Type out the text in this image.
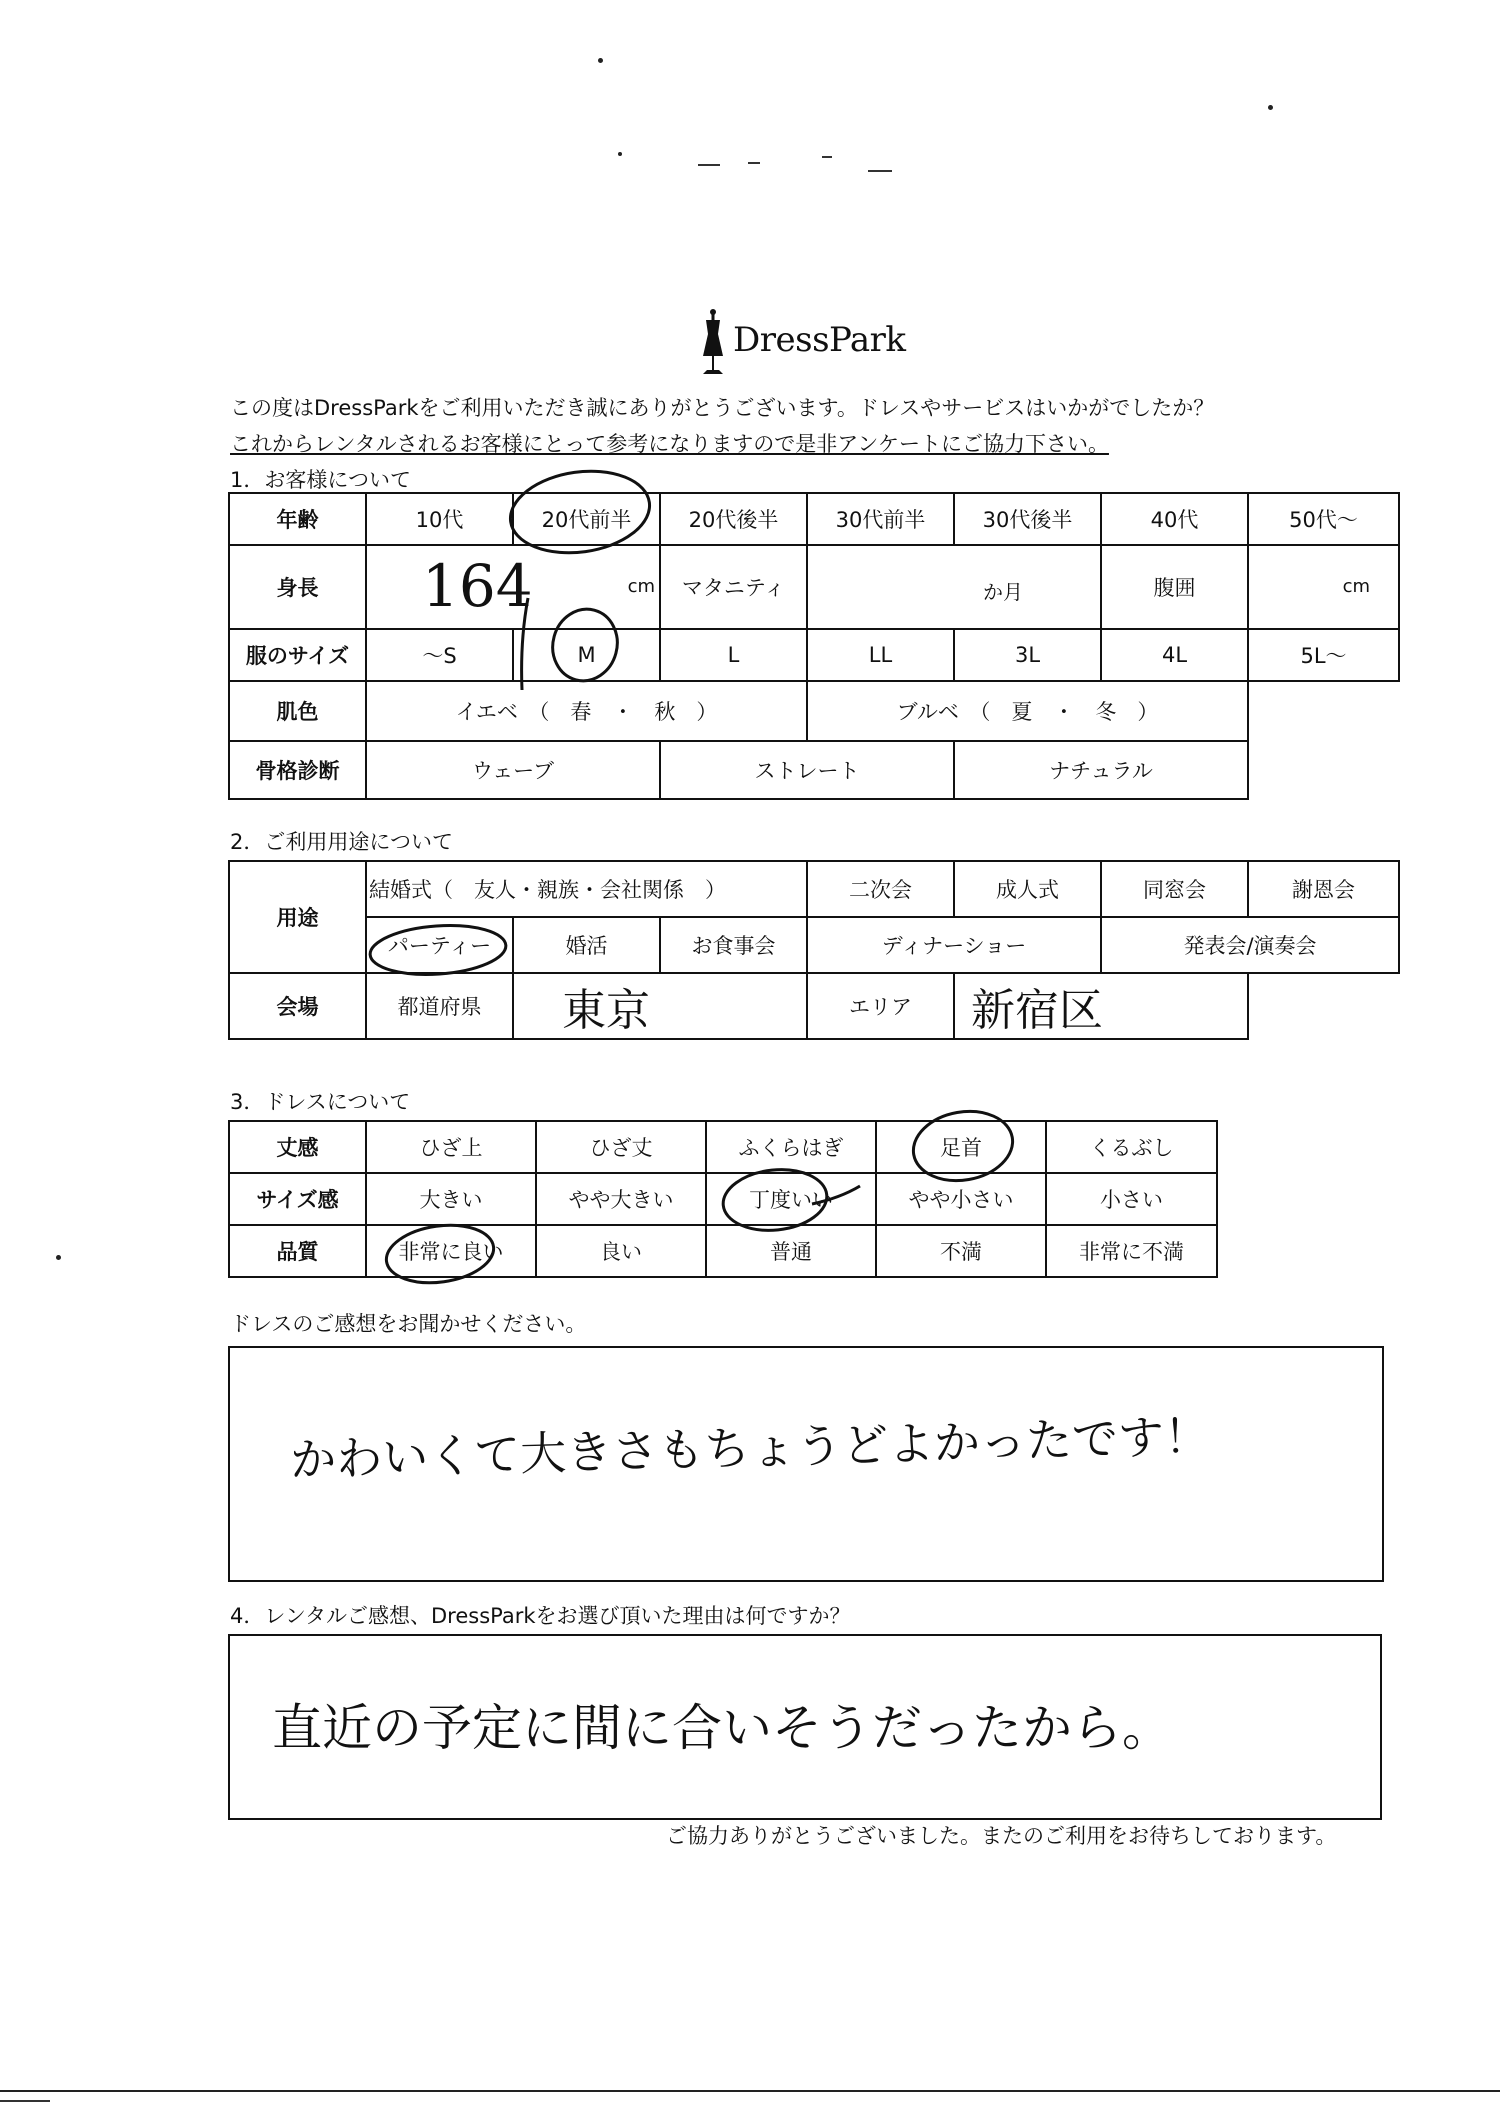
DressPark
この度はDressParkをご利用いただき誠にありがとうございます。ドレスやサービスはいかがでしたか？
これからレンタルされるお客様にとって参考になりますので是非アンケートにご協力下さい。
1．お客様について
年齢	10代	20代前半	20代後半	30代前半	30代後半	40代	50代～
身長	164 cm		マタニティ	か月		腹囲	cm

服のサイズ	～S	M	L	LL	3L	4L	5L～
肌色	イエベ　（　春　・　秋　）			ブルベ　（　夏　・　冬　）			
骨格診断	ウェーブ		ストレート		ナチュラル		
2．ご利用用途について
用途	結婚式（　友人・親族・会社関係　）			二次会	成人式	同窓会	謝恩会
	パーティー	婚活	お食事会	ディナーショー		発表会/演奏会	
会場	都道府県	東京		エリア	新宿区		
3．ドレスについて
丈感	ひざ上	ひざ丈	ふくらはぎ	足首	くるぶし
サイズ感	大きい	やや大きい	丁度いい	やや小さい	小さい
品質	非常に良い	良い	普通	不満	非常に不満
ドレスのご感想をお聞かせください。
かわいくて大きさもちょうどよかったです！
4．レンタルご感想、DressParkをお選び頂いた理由は何ですか？
直近の予定に間に合いそうだったから。
ご協力ありがとうございました。またのご利用をお待ちしております。
